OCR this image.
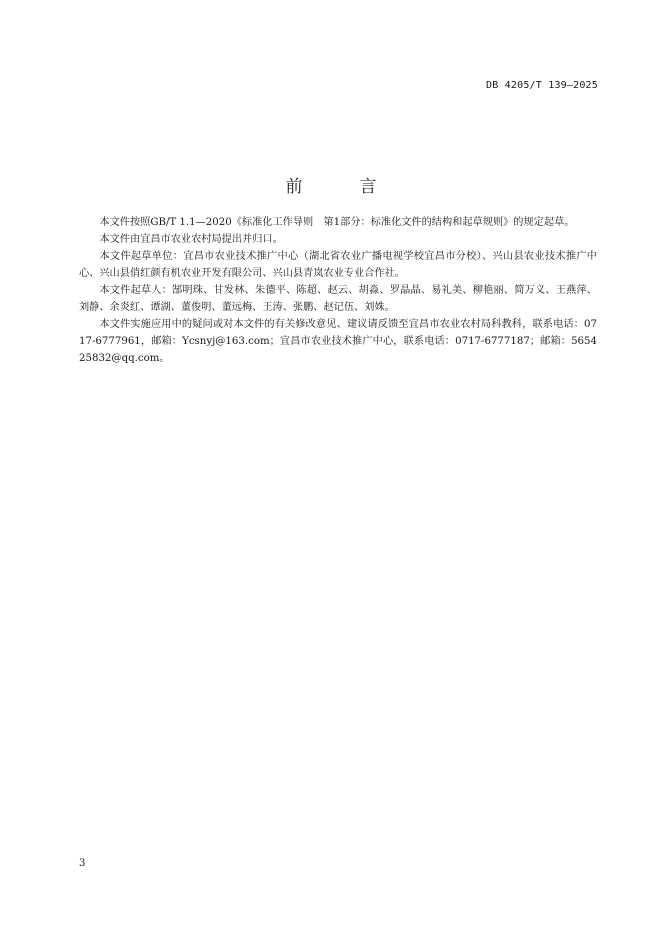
DB 4205/T 139—2025
前　言

本文件按照GB/T 1.1—2020《标准化工作导则　第1部分：标准化文件的结构和起草规则》的规定起草。

本文件由宜昌市农业农村局提出并归口。

本文件起草单位：宜昌市农业技术推广中心（湖北省农业广播电视学校宜昌市分校）、兴山县农业技术推广中心、兴山县俏红颜有机农业开发有限公司、兴山县青岚农业专业合作社。

本文件起草人：郜明珠、甘发林、朱德平、陈超、赵云、胡淼、罗晶晶、易礼美、柳艳丽、简万义、王燕萍、刘静、余炎红、谭湖、董俊明、董远梅、王涛、张鹏、赵记伍、刘姝。

本文件实施应用中的疑问或对本文件的有关修改意见、建议请反馈至宜昌市农业农村局科教科，联系电话：0717-6777961，邮箱：Ycsnyj@163.com；宜昌市农业技术推广中心，联系电话：0717-6777187；邮箱：565425832@qq.com。

3
